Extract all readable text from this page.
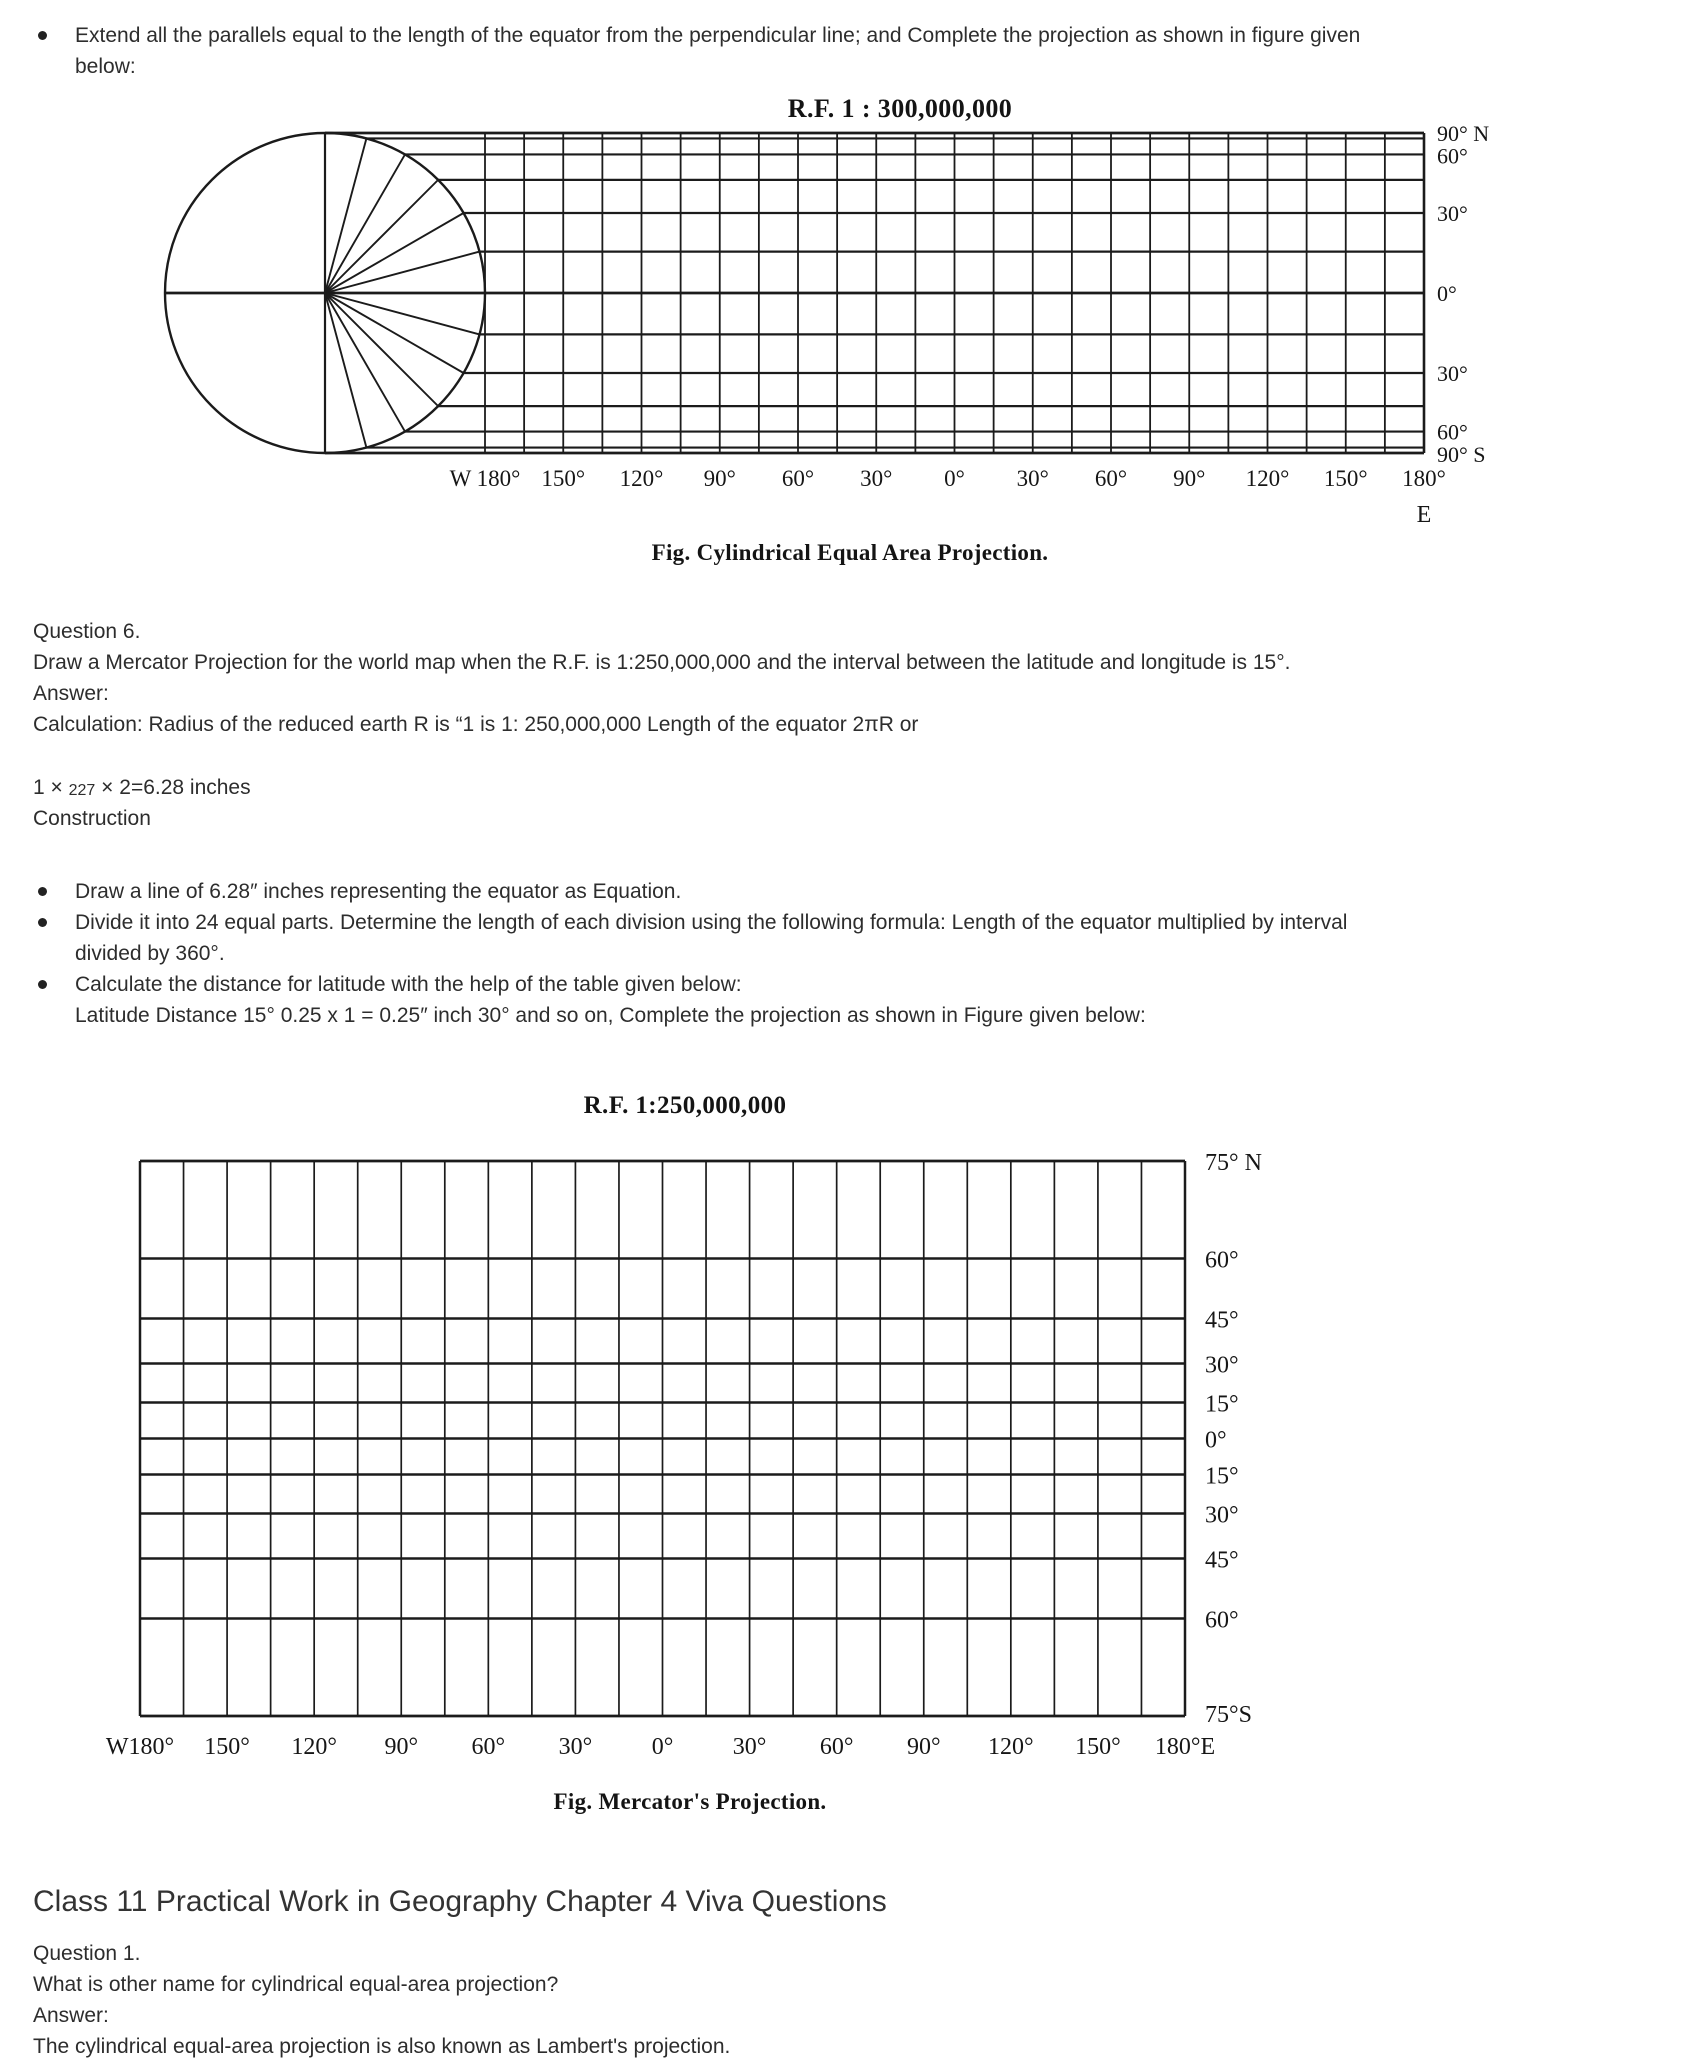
Extend all the parallels equal to the length of the equator from the perpendicular line; and Complete the projection as shown in figure given
below:
R.F. 1 : 300,000,000
90° N
60°
30°
0°
30°
60°
90° S
W 180° 150° 120° 90° 60° 30° 0° 30° 60° 90° 120° 150° 180°
E
Fig. Cylindrical Equal Area Projection.
Question 6.
Draw a Mercator Projection for the world map when the R.F. is 1:250,000,000 and the interval between the latitude and longitude is 15°.
Answer:
Calculation: Radius of the reduced earth R is “1 is 1: 250,000,000 Length of the equator 2πR or
1 × 227 × 2=6.28 inches
Construction
Draw a line of 6.28″ inches representing the equator as Equation.
Divide it into 24 equal parts. Determine the length of each division using the following formula: Length of the equator multiplied by interval
divided by 360°.
Calculate the distance for latitude with the help of the table given below:
Latitude Distance 15° 0.25 x 1 = 0.25″ inch 30° and so on, Complete the projection as shown in Figure given below:
R.F. 1:250,000,000
75° N
60°
45°
30°
15°
0°
15°
30°
45°
60°
75°S
W180° 150° 120° 90° 60° 30° 0° 30° 60° 90° 120° 150° 180°E
Fig. Mercator's Projection.
Class 11 Practical Work in Geography Chapter 4 Viva Questions
Question 1.
What is other name for cylindrical equal-area projection?
Answer:
The cylindrical equal-area projection is also known as Lambert's projection.
